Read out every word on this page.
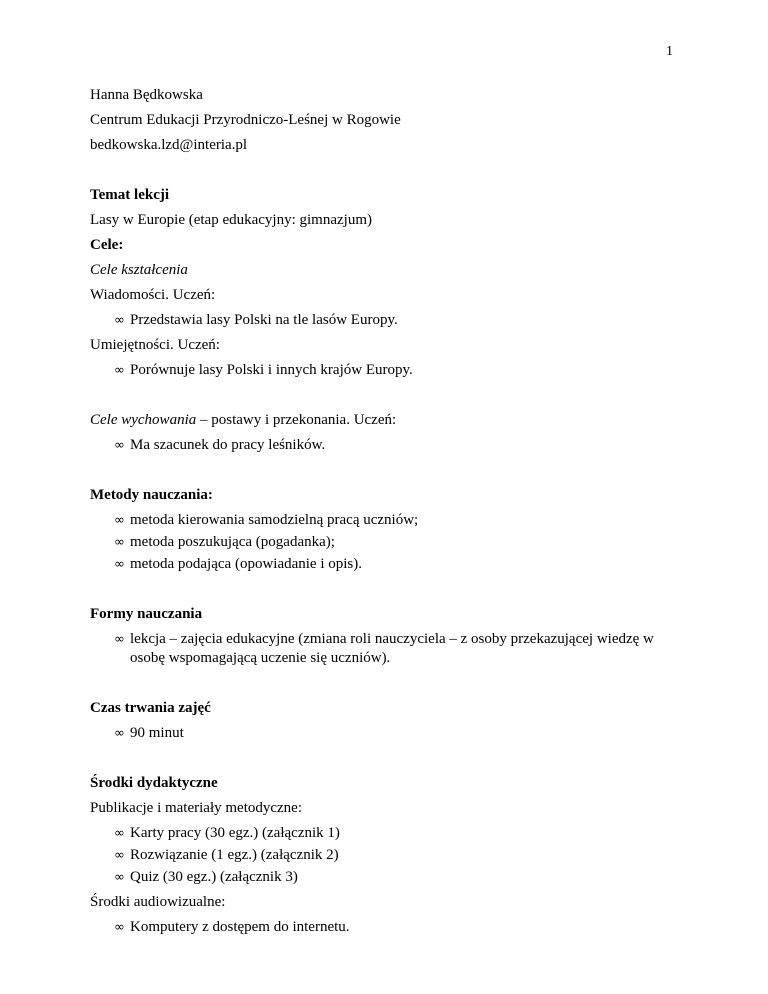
1
Hanna Będkowska
Centrum Edukacji Przyrodniczo-Leśnej w Rogowie
bedkowska.lzd@interia.pl
Temat lekcji
Lasy w Europie (etap edukacyjny: gimnazjum)
Cele:
Cele kształcenia
Wiadomości. Uczeń:
∞ Przedstawia lasy Polski na tle lasów Europy.
Umiejętności. Uczeń:
∞ Porównuje lasy Polski i innych krajów Europy.
Cele wychowania – postawy i przekonania. Uczeń:
∞ Ma szacunek do pracy leśników.
Metody nauczania:
∞ metoda kierowania samodzielną pracą uczniów;
∞ metoda poszukująca (pogadanka);
∞ metoda podająca (opowiadanie i opis).
Formy nauczania
∞ lekcja – zajęcia edukacyjne (zmiana roli nauczyciela – z osoby przekazującej wiedzę w osobę wspomagającą uczenie się uczniów).
Czas trwania zajęć
∞ 90 minut
Środki dydaktyczne
Publikacje i materiały metodyczne:
∞ Karty pracy (30 egz.) (załącznik 1)
∞ Rozwiązanie (1 egz.) (załącznik 2)
∞ Quiz (30 egz.) (załącznik 3)
Środki audiowizualne:
∞ Komputery z dostępem do internetu.
